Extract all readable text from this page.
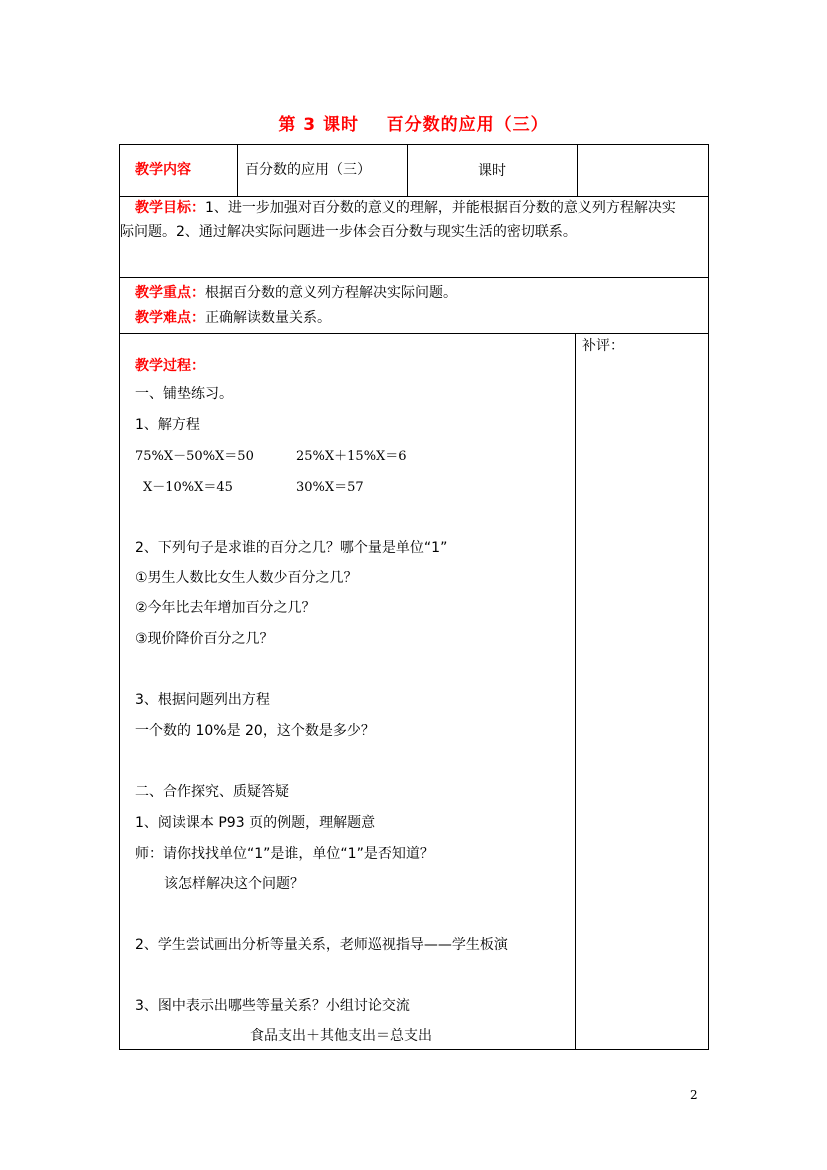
第 3 课时    百分数的应用（三）
教学内容	百分数的应用（三）	课时
教学目标：1、进一步加强对百分数的意义的理解，并能根据百分数的意义列方程解决实
际问题。2、通过解决实际问题进一步体会百分数与现实生活的密切联系。
教学重点：根据百分数的意义列方程解决实际问题。
教学难点：正确解读数量关系。
补评：
教学过程：
一、铺垫练习。
1、解方程
75%X－50%X＝50	25%X＋15%X＝6
X－10%X＝45	30%X＝57
2、下列句子是求谁的百分之几？哪个量是单位“1”
①男生人数比女生人数少百分之几？
②今年比去年增加百分之几？
③现价降价百分之几？
3、根据问题列出方程
一个数的 10%是 20，这个数是多少？
二、合作探究、质疑答疑
1、阅读课本 P93 页的例题，理解题意
师：请你找找单位“1”是谁，单位“1”是否知道？
该怎样解决这个问题？
2、学生尝试画出分析等量关系，老师巡视指导——学生板演
3、图中表示出哪些等量关系？小组讨论交流
食品支出＋其他支出＝总支出
2
